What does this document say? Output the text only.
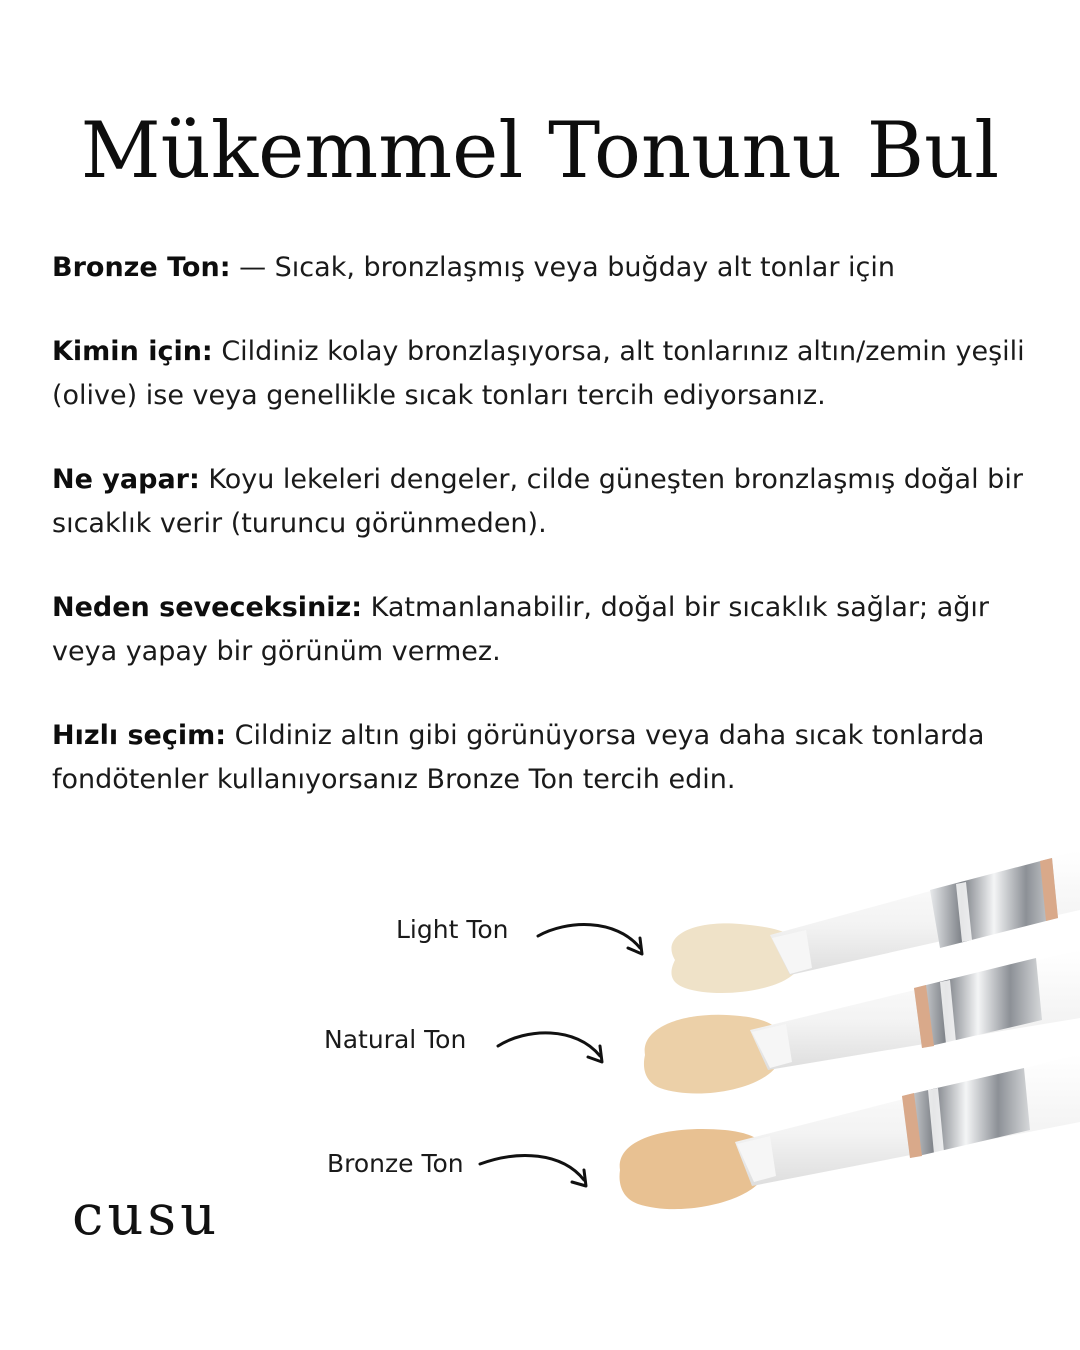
Mükemmel Tonunu Bul

Bronze Ton: — Sıcak, bronzlaşmış veya buğday alt tonlar için

Kimin için: Cildiniz kolay bronzlaşıyorsa, alt tonlarınız altın/zemin yeşili (olive) ise veya genellikle sıcak tonları tercih ediyorsanız.

Ne yapar: Koyu lekeleri dengeler, cilde güneşten bronzlaşmış doğal bir sıcaklık verir (turuncu görünmeden).

Neden seveceksiniz: Katmanlanabilir, doğal bir sıcaklık sağlar; ağır veya yapay bir görünüm vermez.

Hızlı seçim: Cildiniz altın gibi görünüyorsa veya daha sıcak tonlarda fondötenler kullanıyorsanız Bronze Ton tercih edin.

Light Ton
Natural Ton
Bronze Ton
cusu
